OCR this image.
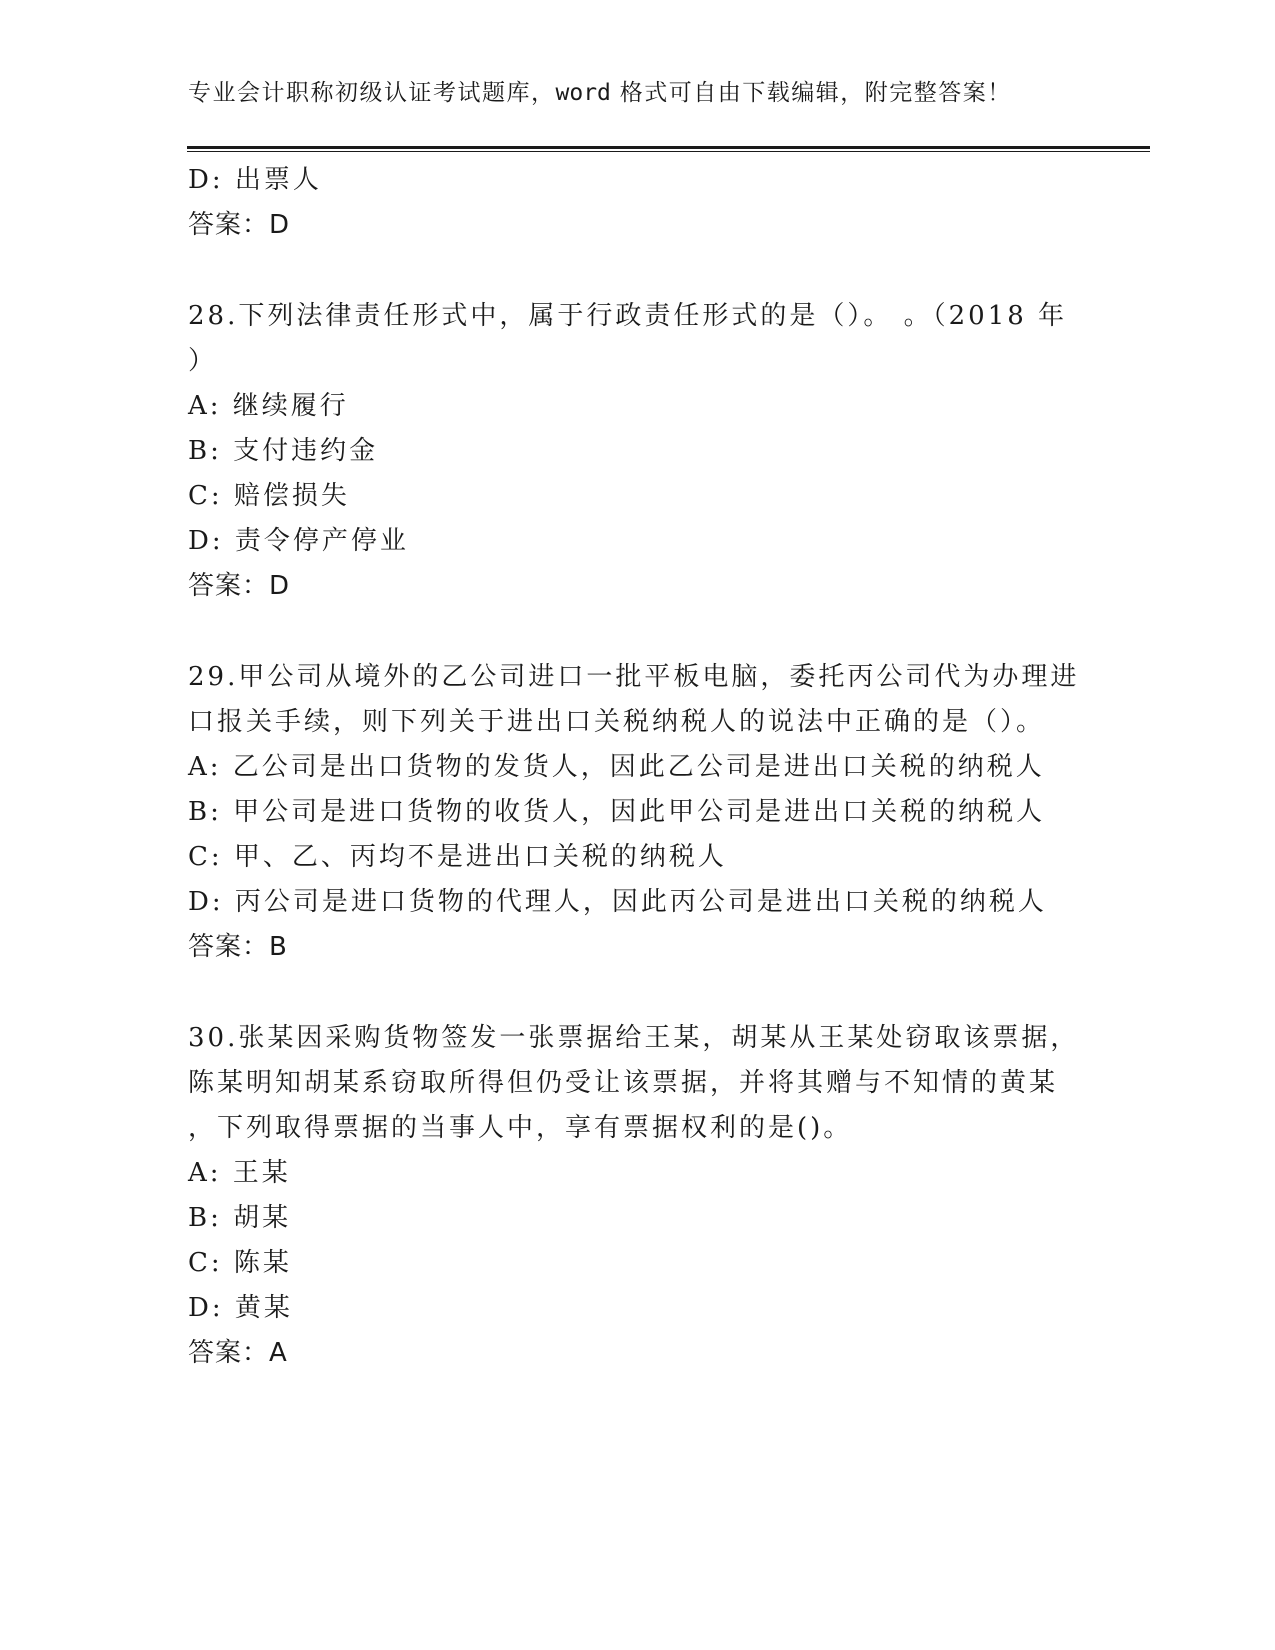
专业会计职称初级认证考试题库，word 格式可自由下载编辑，附完整答案！
D: 出票人
答案：D
28.下列法律责任形式中，属于行政责任形式的是（）。 。（2018 年
）
A: 继续履行
B: 支付违约金
C: 赔偿损失
D: 责令停产停业
答案：D
29.甲公司从境外的乙公司进口一批平板电脑，委托丙公司代为办理进
口报关手续，则下列关于进出口关税纳税人的说法中正确的是（）。
A: 乙公司是出口货物的发货人，因此乙公司是进出口关税的纳税人
B: 甲公司是进口货物的收货人，因此甲公司是进出口关税的纳税人
C: 甲、乙、丙均不是进出口关税的纳税人
D: 丙公司是进口货物的代理人，因此丙公司是进出口关税的纳税人
答案：B
30.张某因采购货物签发一张票据给王某，胡某从王某处窃取该票据，
陈某明知胡某系窃取所得但仍受让该票据，并将其赠与不知情的黄某
，下列取得票据的当事人中，享有票据权利的是()。
A: 王某
B: 胡某
C: 陈某
D: 黄某
答案：A
